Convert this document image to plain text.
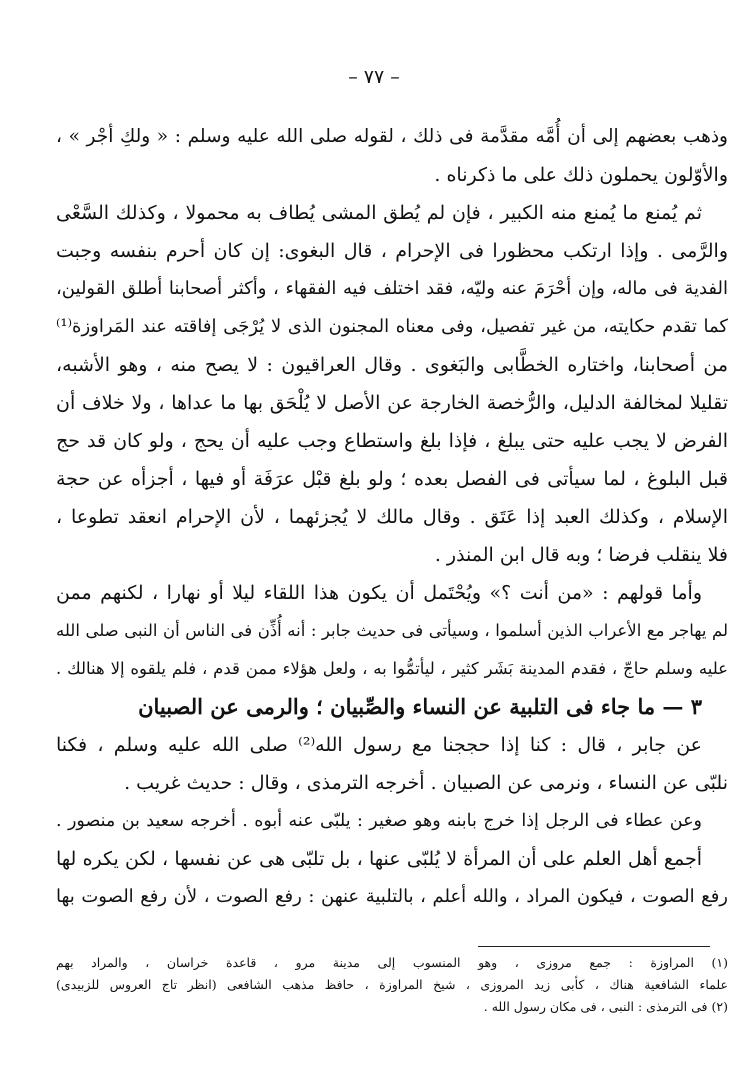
– ٧٧ –
وذهب بعضهم إلى أن أُمَّه مقدَّمة فى ذلك ، لقوله صلى الله عليه وسلم : « ولكِ أجْر » ،
والأوّلون يحملون ذلك على ما ذكرناه .
ثم يُمنع ما يُمنع منه الكبير ، فإن لم يُطق المشى يُطاف به محمولا ، وكذلك السَّعْى
والرَّمى . وإذا ارتكب محظورا فى الإحرام ، قال البغوى: إن كان أحرم بنفسه وجبت
الفدية فى ماله، وإن أحْرَمَ عنه وليّه، فقد اختلف فيه الفقهاء ، وأكثر أصحابنا أطلق القولين،
كما تقدم حكايته، من غير تفصيل، وفى معناه المجنون الذى لا يُرْجَى إفاقته عند المَراوزة⁽¹⁾
من أصحابنا، واختاره الخطَّابى والبَغوى . وقال العراقيون : لا يصح منه ، وهو الأشبه،
تقليلا لمخالفة الدليل، والرُّخصة الخارجة عن الأصل لا يُلْحَق بها ما عداها ، ولا خلاف أن
الفرض لا يجب عليه حتى يبلغ ، فإذا بلغ واستطاع وجب عليه أن يحج ، ولو كان قد حج
قبل البلوغ ، لما سيأتى فى الفصل بعده ؛ ولو بلغ قبْل عرَفَة أو فيها ، أجزأه عن حجة
الإسلام ، وكذلك العبد إذا عَتَق . وقال مالك لا يُجزئهما ، لأن الإحرام انعقد تطوعا ،
فلا ينقلب فرضا ؛ وبه قال ابن المنذر .
وأما قولهم : «من أنت ؟» ويُحْتَمل أن يكون هذا اللقاء ليلا أو نهارا ، لكنهم ممن
لم يهاجر مع الأعراب الذين أسلموا ، وسيأتى فى حديث جابر : أنه أُذِّن فى الناس أن النبى صلى الله
عليه وسلم حاجّ ، فقدم المدينة بَشَر كثير ، ليأتمُّوا به ، ولعل هؤلاء ممن قدم ، فلم يلقوه إلا هنالك .
٣ — ما جاء فى التلبية عن النساء والصِّبيان ؛ والرمى عن الصبيان
عن جابر ، قال : كنا إذا حججنا مع رسول الله⁽²⁾ صلى الله عليه وسلم ، فكنا
نلبّى عن النساء ، ونرمى عن الصبيان . أخرجه الترمذى ، وقال : حديث غريب .
وعن عطاء فى الرجل إذا خرج بابنه وهو صغير : يلبّى عنه أبوه . أخرجه سعيد بن منصور .
أجمع أهل العلم على أن المرأة لا يُلبّى عنها ، بل تلبّى هى عن نفسها ، لكن يكره لها
رفع الصوت ، فيكون المراد ، والله أعلم ، بالتلبية عنهن : رفع الصوت ، لأن رفع الصوت بها
(١) المراوزة : جمع مروزى ، وهو المنسوب إلى مدينة مرو ، قاعدة خراسان ، والمراد بهم
علماء الشافعية هناك ، كأبى زيد المروزى ، شيخ المراوزة ، حافظ مذهب الشافعى (انظر تاج العروس للزبيدى)
(٢) فى الترمذى : النبى ، فى مكان رسول الله .
